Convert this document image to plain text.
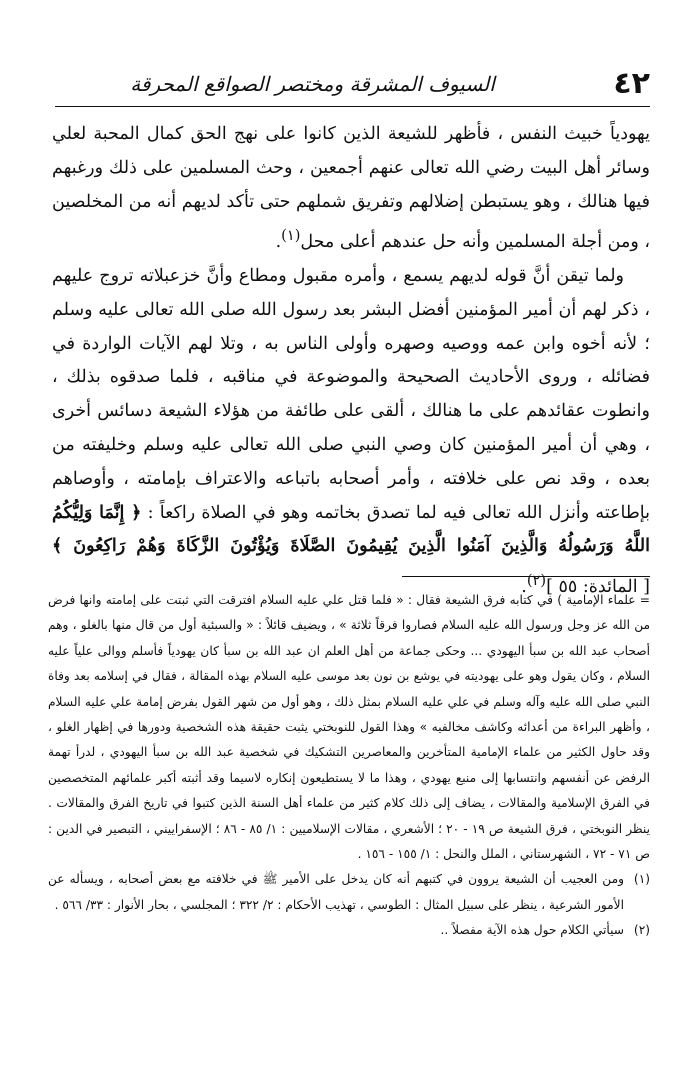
٤٢
السيوف المشرقة ومختصر الصواقع المحرقة

يهودياً خبيث النفس ، فأظهر للشيعة الذين كانوا على نهج الحق كمال المحبة لعلي وسائر أهل البيت رضي الله تعالى عنهم أجمعين ، وحث المسلمين على ذلك ورغبهم فيها هنالك ، وهو يستبطن إضلالهم وتفريق شملهم حتى تأكد لديهم أنه من المخلصين ، ومن أجلة المسلمين وأنه حل عندهم أعلى محل$^{(١)}$.

ولما تيقن أنَّ قوله لديهم يسمع ، وأمره مقبول ومطاع وأنَّ خزعبلاته تروج عليهم ، ذكر لهم أن أمير المؤمنين أفضل البشر بعد رسول الله صلى الله تعالى عليه وسلم ؛ لأنه أخوه وابن عمه ووصيه وصهره وأولى الناس به ، وتلا لهم الآيات الواردة في فضائله ، وروى الأحاديث الصحيحة والموضوعة في مناقبه ، فلما صدقوه بذلك ، وانطوت عقائدهم على ما هنالك ، ألقى على طائفة من هؤلاء الشيعة دسائس أخرى ، وهي أن أمير المؤمنين كان وصي النبي صلى الله تعالى عليه وسلم وخليفته من بعده ، وقد نص على خلافته ، وأمر أصحابه باتباعه والاعتراف بإمامته ، وأوصاهم بإطاعته وأنزل الله تعالى فيه لما تصدق بخاتمه وهو في الصلاة راكعاً : ﴿ إِنَّمَا وَلِيُّكُمُ اللَّهُ وَرَسُولُهُ وَالَّذِينَ آمَنُوا الَّذِينَ يُقِيمُونَ الصَّلَاةَ وَيُؤْتُونَ الزَّكَاةَ وَهُمْ رَاكِعُونَ ﴾ [ المائدة: ٥٥ ]$^{(٢)}$.

= علماء الإمامية ) في كتابه فرق الشيعة فقال : « فلما قتل علي عليه السلام افترقت التي ثبتت على إمامته وانها فرض من الله عز وجل ورسول الله عليه السلام فصاروا فرقاً ثلاثة » ، ويضيف قائلاً : « والسبئية أول من قال منها بالغلو ، وهم أصحاب عبد الله بن سبأ اليهودي ... وحكى جماعة من أهل العلم ان عبد الله بن سبأ كان يهودياً فأسلم ووالى علياً عليه السلام ، وكان يقول وهو على يهوديته في يوشع بن نون بعد موسى عليه السلام بهذه المقالة ، فقال في إسلامه بعد وفاة النبي صلى الله عليه وآله وسلم في علي عليه السلام بمثل ذلك ، وهو أول من شهر القول بفرض إمامة علي عليه السلام ، وأظهر البراءة من أعدائه وكاشف مخالفيه » وهذا القول للنوبختي يثبت حقيقة هذه الشخصية ودورها في إظهار الغلو ، وقد حاول الكثير من علماء الإمامية المتأخرين والمعاصرين التشكيك في شخصية عبد الله بن سبأ اليهودي ، لدرأ تهمة الرفض عن أنفسهم وانتسابها إلى منبع يهودي ، وهذا ما لا يستطيعون إنكاره لاسيما وقد أثبته أكبر علمائهم المتخصصين في الفرق الإسلامية والمقالات ، يضاف إلى ذلك كلام كثير من علماء أهل السنة الذين كتبوا في تاريخ الفرق والمقالات . ينظر النوبختي ، فرق الشيعة ص ١٩ - ٢٠ ؛ الأشعري ، مقالات الإسلاميين : ١/ ٨٥ - ٨٦ ؛ الإسفراييني ، التبصير في الدين : ص ٧١ - ٧٢ ، الشهرستاني ، الملل والنحل : ١/ ١٥٥ - ١٥٦ .

(١)
ومن العجيب أن الشيعة يروون في كتبهم أنه كان يدخل على الأمير ﷺ في خلافته مع بعض أصحابه ، ويسأله عن الأمور الشرعية ، ينظر على سبيل المثال : الطوسي ، تهذيب الأحكام : ٢/ ٣٢٢ ؛ المجلسي ، بحار الأنوار : ٣٣/ ٥٦٦ .
(٢)
سيأتي الكلام حول هذه الآية مفصلاً ..
